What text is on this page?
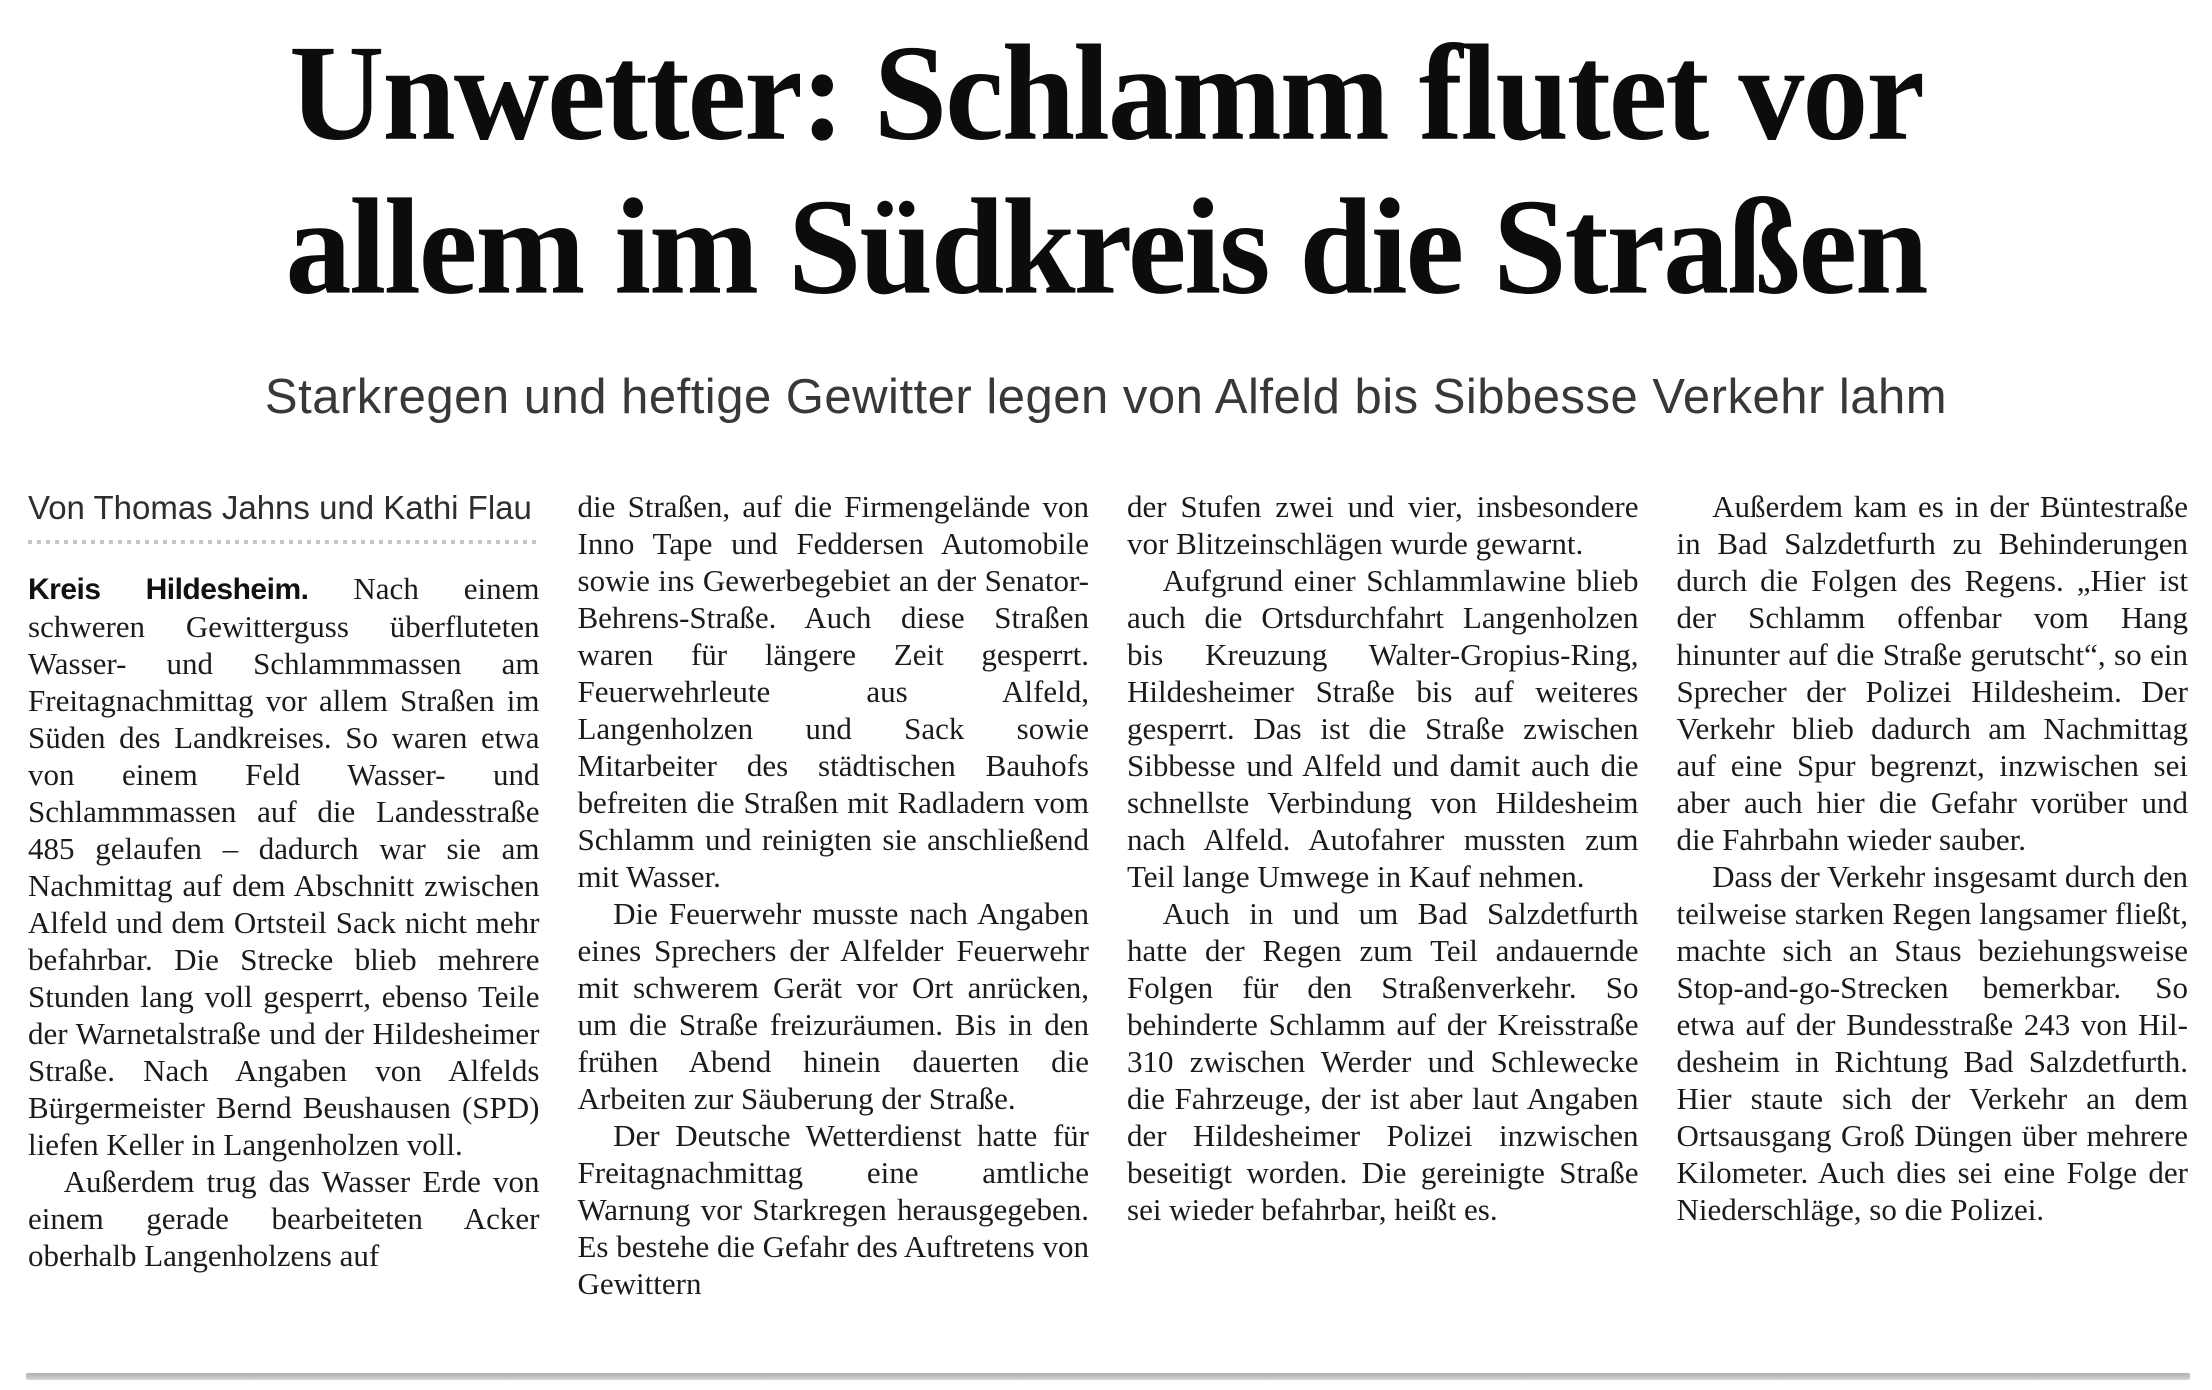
Unwetter: Schlamm flutet vor
allem im Südkreis die Straßen
Starkregen und heftige Gewitter legen von Alfeld bis Sibbesse Verkehr lahm
Von Thomas Jahns und Kathi Flau

Kreis Hildesheim. Nach einem schweren Gewitterguss überfluteten Wasser- und Schlammmassen am Freitagnachmittag vor allem Straßen im Süden des Landkreises. So waren etwa von einem Feld Wasser- und Schlammmassen auf die Landesstraße 485 gelaufen – dadurch war sie am Nachmittag auf dem Abschnitt zwischen Alfeld und dem Ortsteil Sack nicht mehr befahrbar. Die Strecke blieb mehrere Stunden lang voll gesperrt, ebenso Teile der Warnetalstraße und der Hildesheimer Straße. Nach Angaben von Alfelds Bürgermeister Bernd Beushausen (SPD) liefen Keller in Langenholzen voll.

Außerdem trug das Wasser Erde von einem gerade bearbeiteten Acker oberhalb Langenholzens auf

die Straßen, auf die Firmengelände von Inno Tape und Feddersen Automobile sowie ins Gewerbegebiet an der Senator-Behrens-Straße. Auch diese Straßen waren für längere Zeit gesperrt. Feuerwehrleute aus Alfeld, Langenholzen und Sack sowie Mitarbeiter des städtischen Bauhofs befreiten die Straßen mit Radladern vom Schlamm und reinigten sie anschließend mit Wasser.

Die Feuerwehr musste nach Angaben eines Sprechers der Alfelder Feuerwehr mit schwerem Gerät vor Ort anrücken, um die Straße freizuräumen. Bis in den frühen Abend hinein dauerten die Arbeiten zur Säuberung der Straße.

Der Deutsche Wetterdienst hatte für Freitagnachmittag eine amtliche Warnung vor Starkregen herausgegeben. Es bestehe die Gefahr des Auftretens von Gewittern

der Stufen zwei und vier, insbesondere vor Blitzeinschlägen wurde gewarnt.

Aufgrund einer Schlammlawine blieb auch die Ortsdurchfahrt Langenholzen bis Kreuzung Walter-Gropius-Ring, Hildesheimer Straße bis auf weiteres gesperrt. Das ist die Straße zwischen Sibbesse und Alfeld und damit auch die schnellste Verbindung von Hildesheim nach Alfeld. Autofahrer mussten zum Teil lange Umwege in Kauf nehmen.

Auch in und um Bad Salzdetfurth hatte der Regen zum Teil andauernde Folgen für den Straßenverkehr. So behinderte Schlamm auf der Kreisstraße 310 zwischen Werder und Schlewecke die Fahrzeuge, der ist aber laut Angaben der Hildesheimer Polizei inzwischen beseitigt worden. Die gereinigte Straße sei wieder befahrbar, heißt es.

Außerdem kam es in der Büntestraße in Bad Salzdetfurth zu Behinderungen durch die Folgen des Regens. „Hier ist der Schlamm offenbar vom Hang hinunter auf die Straße gerutscht“, so ein Sprecher der Polizei Hildesheim. Der Verkehr blieb dadurch am Nachmittag auf eine Spur begrenzt, inzwischen sei aber auch hier die Gefahr vorüber und die Fahrbahn wieder sauber.

Dass der Verkehr insgesamt durch den teilweise starken Regen langsamer fließt, machte sich an Staus beziehungsweise Stop-and-go-Strecken bemerkbar. So etwa auf der Bundesstraße 243 von Hildesheim in Richtung Bad Salzdetfurth. Hier staute sich der Verkehr an dem Ortsausgang Groß Düngen über mehrere Kilometer. Auch dies sei eine Folge der Niederschläge, so die Polizei.
